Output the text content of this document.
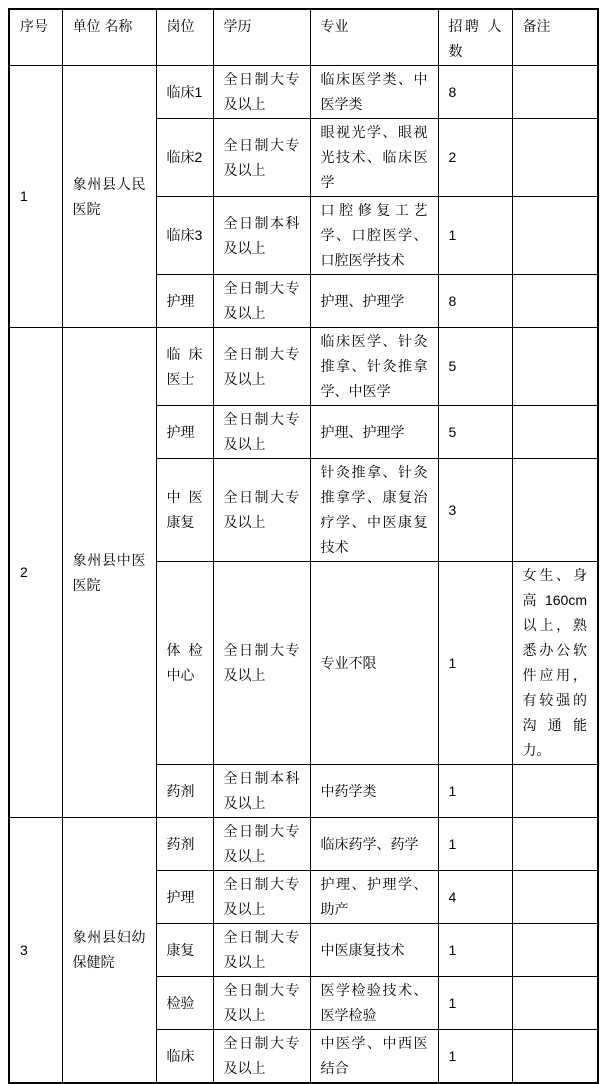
序号	单位 名称	岗位	学历	专业	招聘 人数	备注
1	象州县人民医院	临床1	全日制大专及以上	临床医学类、中医学类	8	
		临床2	全日制大专及以上	眼视光学、眼视光技术、临床医学	2	
		临床3	全日制本科及以上	口腔修复工艺学、口腔医学、口腔医学技术	1	
		护理	全日制大专及以上	护理、护理学	8	
2	象州县中医医院	临床医士	全日制大专及以上	临床医学、针灸推拿、针灸推拿学、中医学	5	
		护理	全日制大专及以上	护理、护理学	5	
		中医康复	全日制大专及以上	针灸推拿、针灸推拿学、康复治疗学、中医康复技术	3	
		体检中心	全日制大专及以上	专业不限	1	女生、身高160cm以上，熟悉办公软件应用，有较强的沟通能力。
		药剂	全日制本科及以上	中药学类	1	
3	象州县妇幼保健院	药剂	全日制大专及以上	临床药学、药学	1	
		护理	全日制大专及以上	护理、护理学、助产	4	
		康复	全日制大专及以上	中医康复技术	1	
		检验	全日制大专及以上	医学检验技术、医学检验	1	
		临床	全日制大专及以上	中医学、中西医结合	1	
